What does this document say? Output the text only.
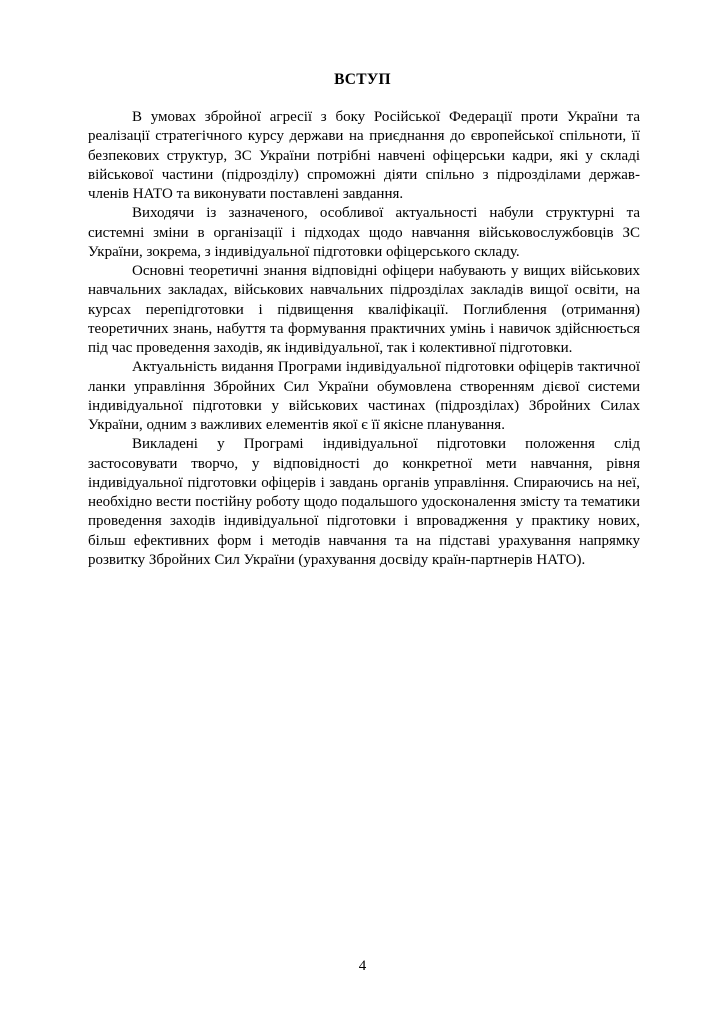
ВСТУП

В умовах збройної агресії з боку Російської Федерації проти України та реалізації стратегічного курсу держави на приєднання до європейської спільноти, її безпекових структур, ЗС України потрібні навчені офіцерськи кадри, які у складі військової частини (підрозділу) спроможні діяти спільно з підрозділами держав-членів НАТО та виконувати поставлені завдання.

Виходячи із зазначеного, особливої актуальності набули структурні та системні зміни в організації і підходах щодо навчання військовослужбовців ЗС України, зокрема, з індивідуальної підготовки офіцерського складу.

Основні теоретичні знання відповідні офіцери набувають у вищих військових навчальних закладах, військових навчальних підрозділах закладів вищої освіти, на курсах перепідготовки і підвищення кваліфікації. Поглиблення (отримання) теоретичних знань, набуття та формування практичних умінь і навичок здійснюється під час проведення заходів, як індивідуальної, так і колективної підготовки.

Актуальність видання Програми індивідуальної підготовки офіцерів тактичної ланки управління Збройних Сил України обумовлена створенням дієвої системи індивідуальної підготовки у військових частинах (підрозділах) Збройних Силах України, одним з важливих елементів якої є її якісне планування.

Викладені у Програмі індивідуальної підготовки положення слід застосовувати творчо, у відповідності до конкретної мети навчання, рівня індивідуальної підготовки офіцерів і завдань органів управління. Спираючись на неї, необхідно вести постійну роботу щодо подальшого удосконалення змісту та тематики проведення заходів індивідуальної підготовки і впровадження у практику нових, більш ефективних форм і методів навчання та на підставі урахування напрямку розвитку Збройних Сил України (урахування досвіду країн-партнерів НАТО).

4
